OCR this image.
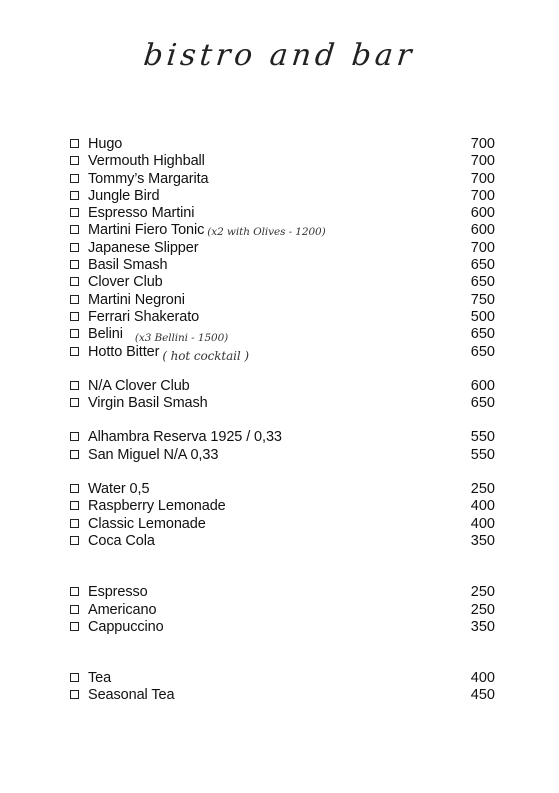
bistro and bar
Hugo	700
Vermouth Highball	700
Tommy’s Margarita	700
Jungle Bird	700
Espresso Martini	600
Martini Fiero Tonic (x2 with Olives - 1200)	600
Japanese Slipper	700
Basil Smash	650
Clover Club	650
Martini Negroni	750
Ferrari Shakerato	500
Belini $_{(x3 Bellini - 1500)}$	650
Hotto Bitter $_{( hot cocktail )}$	650
N/A Clover Club	600
Virgin Basil Smash	650
Alhambra Reserva 1925 / 0,33	550
San Miguel N/A 0,33	550
Water 0,5	250
Raspberry Lemonade	400
Classic Lemonade	400
Coca Cola	350
Espresso	250
Americano	250
Cappuccino	350
Tea	400
Seasonal Tea	450
